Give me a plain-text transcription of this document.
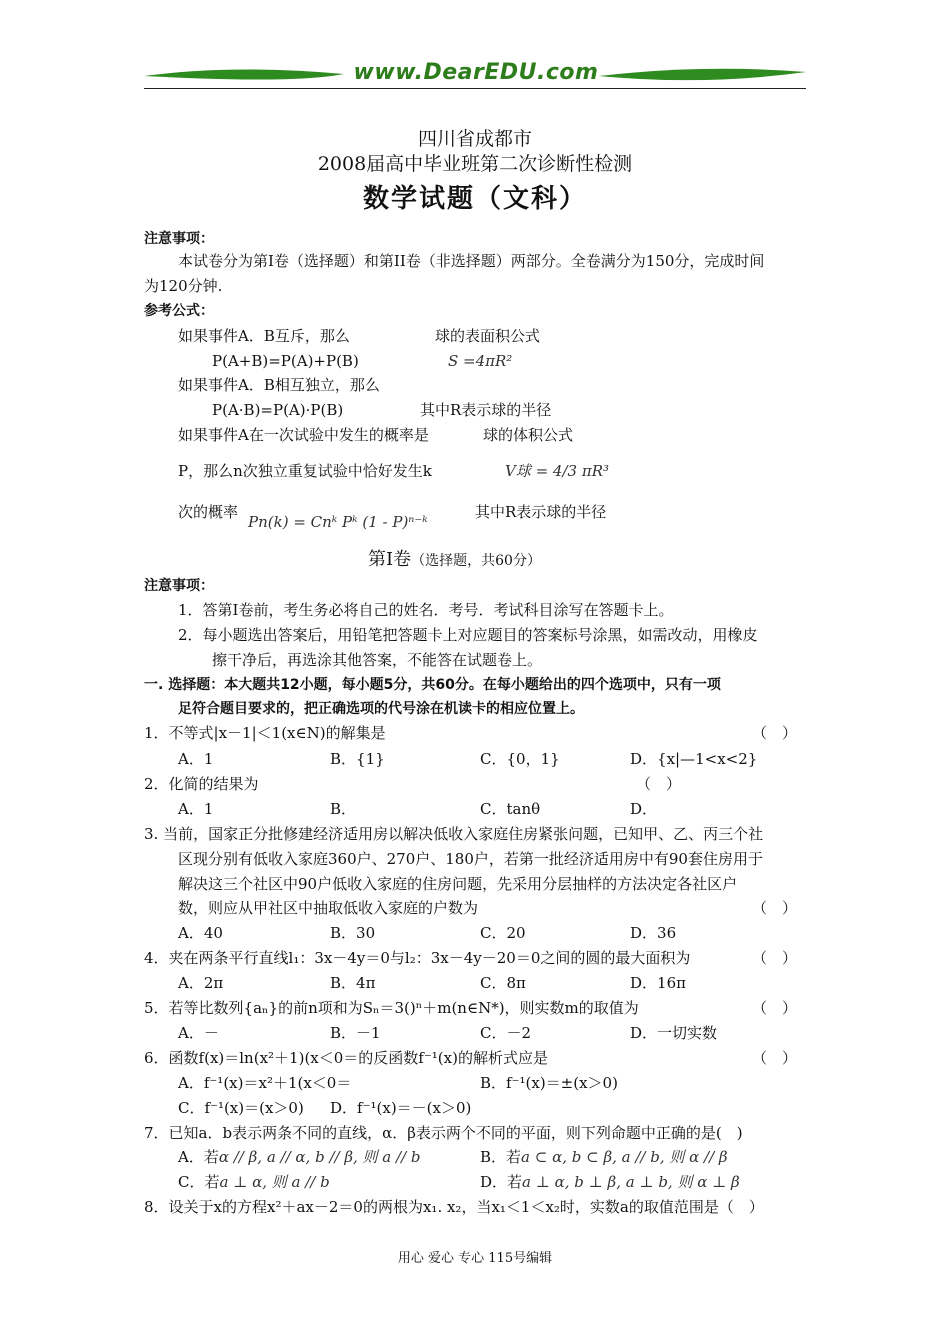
www.DearEDU.com
四川省成都市
2008届高中毕业班第二次诊断性检测
数学试题（文科）
注意事项：
本试卷分为第I卷（选择题）和第II卷（非选择题）两部分。全卷满分为150分，完成时间
为120分钟.
参考公式：
如果事件A．B互斥，那么	球的表面积公式
P(A+B)=P(A)+P(B)	S =4πR²
如果事件A．B相互独立，那么
P(A·B)=P(A)·P(B)	其中R表示球的半径
如果事件A在一次试验中发生的概率是	球的体积公式
P，那么n次独立重复试验中恰好发生k	V球 = 4/3 πR³
次的概率
Pn(k) = Cnᵏ Pᵏ (1 - P)ⁿ⁻ᵏ
其中R表示球的半径
第I卷（选择题，共60分）
注意事项：
1．答第I卷前，考生务必将自己的姓名．考号．考试科目涂写在答题卡上。
2．每小题选出答案后，用铅笔把答题卡上对应题目的答案标号涂黑，如需改动，用橡皮
擦干净后，再选涂其他答案，不能答在试题卷上。
一. 选择题：本大题共12小题，每小题5分，共60分。在每小题给出的四个选项中，只有一项
足符合题目要求的，把正确选项的代号涂在机读卡的相应位置上。
1．不等式|x－1|＜1(x∈N)的解集是	（　）
A．1	B．{1}	C．{0，1}	D．{x|—1<x<2}
2．化简的结果为	（　）
A．1	B．	C．tanθ	D．
3. 当前，国家正分批修建经济适用房以解决低收入家庭住房紧张问题，已知甲、乙、丙三个社
区现分别有低收入家庭360户、270户、180户，若第一批经济适用房中有90套住房用于
解决这三个社区中90户低收入家庭的住房问题，先采用分层抽样的方法决定各社区户
数，则应从甲社区中抽取低收入家庭的户数为	（　）
A．40	B．30	C．20	D．36
4．夹在两条平行直线l₁：3x－4y＝0与l₂：3x－4y－20＝0之间的圆的最大面积为	（　）
A．2π	B．4π	C．8π	D．16π
5．若等比数列{aₙ}的前n项和为Sₙ＝3()ⁿ＋m(n∈N*)，则实数m的取值为	（　）
A．－	B．－1	C．－2	D．一切实数
6．函数f(x)＝ln(x²＋1)(x＜0＝的反函数f⁻¹(x)的解析式应是	（　）
A．f⁻¹(x)＝x²＋1(x＜0＝	B．f⁻¹(x)＝±(x＞0)
C．f⁻¹(x)＝(x＞0) D．f⁻¹(x)＝－(x＞0)
7．已知a．b表示两条不同的直线，α．β表示两个不同的平面，则下列命题中正确的是(　)
A．若α // β, a // α, b // β, 则 a // b	B．若a ⊂ α, b ⊂ β, a // b, 则 α // β
C．若a ⊥ α, 则 a // b	D．若a ⊥ α, b ⊥ β, a ⊥ b, 则 α ⊥ β
8．设关于x的方程x²＋ax－2＝0的两根为x₁. x₂，当x₁＜1＜x₂时，实数a的取值范围是（　）
用心 爱心 专心 115号编辑
